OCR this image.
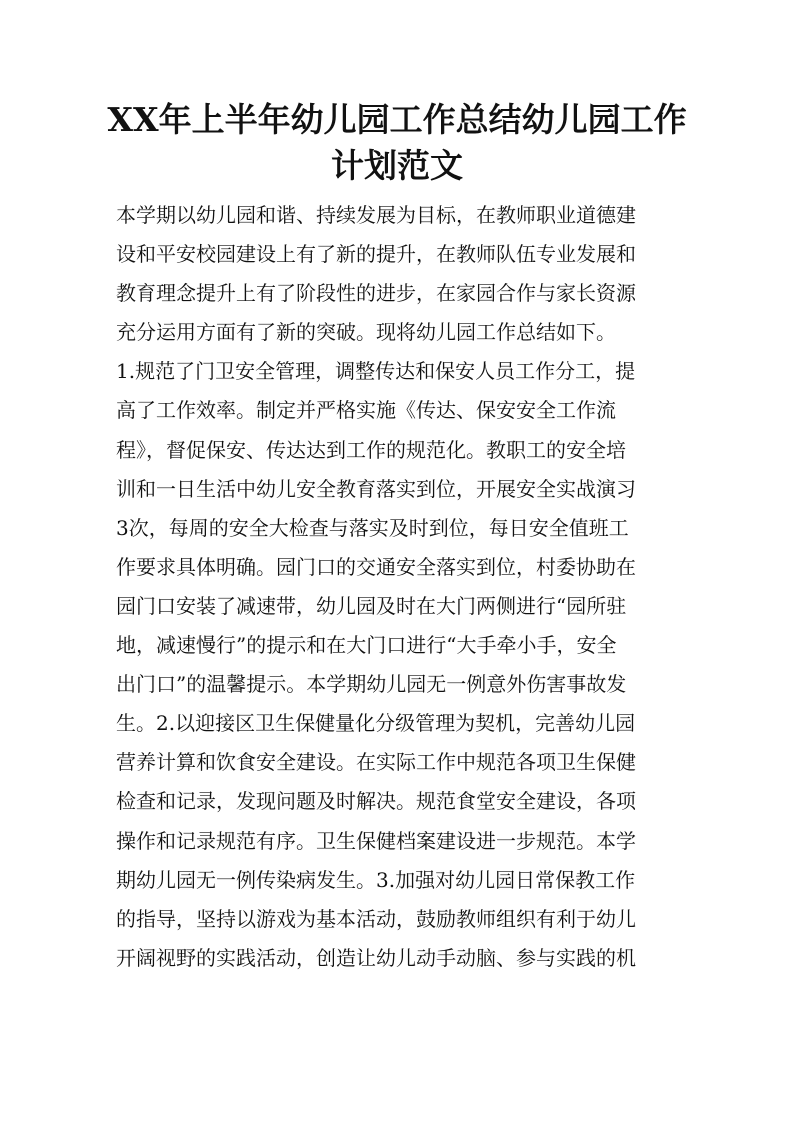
XX年上半年幼儿园工作总结幼儿园工作
计划范文
本学期以幼儿园和谐、持续发展为目标，在教师职业道德建
设和平安校园建设上有了新的提升，在教师队伍专业发展和
教育理念提升上有了阶段性的进步，在家园合作与家长资源
充分运用方面有了新的突破。现将幼儿园工作总结如下。
1.规范了门卫安全管理，调整传达和保安人员工作分工，提
高了工作效率。制定并严格实施《传达、保安安全工作流
程》，督促保安、传达达到工作的规范化。教职工的安全培
训和一日生活中幼儿安全教育落实到位，开展安全实战演习
3次，每周的安全大检查与落实及时到位，每日安全值班工
作要求具体明确。园门口的交通安全落实到位，村委协助在
园门口安装了减速带，幼儿园及时在大门两侧进行“园所驻
地，减速慢行”的提示和在大门口进行“大手牵小手，安全
出门口”的温馨提示。本学期幼儿园无一例意外伤害事故发
生。2.以迎接区卫生保健量化分级管理为契机，完善幼儿园
营养计算和饮食安全建设。在实际工作中规范各项卫生保健
检查和记录，发现问题及时解决。规范食堂安全建设，各项
操作和记录规范有序。卫生保健档案建设进一步规范。本学
期幼儿园无一例传染病发生。3.加强对幼儿园日常保教工作
的指导，坚持以游戏为基本活动，鼓励教师组织有利于幼儿
开阔视野的实践活动，创造让幼儿动手动脑、参与实践的机
